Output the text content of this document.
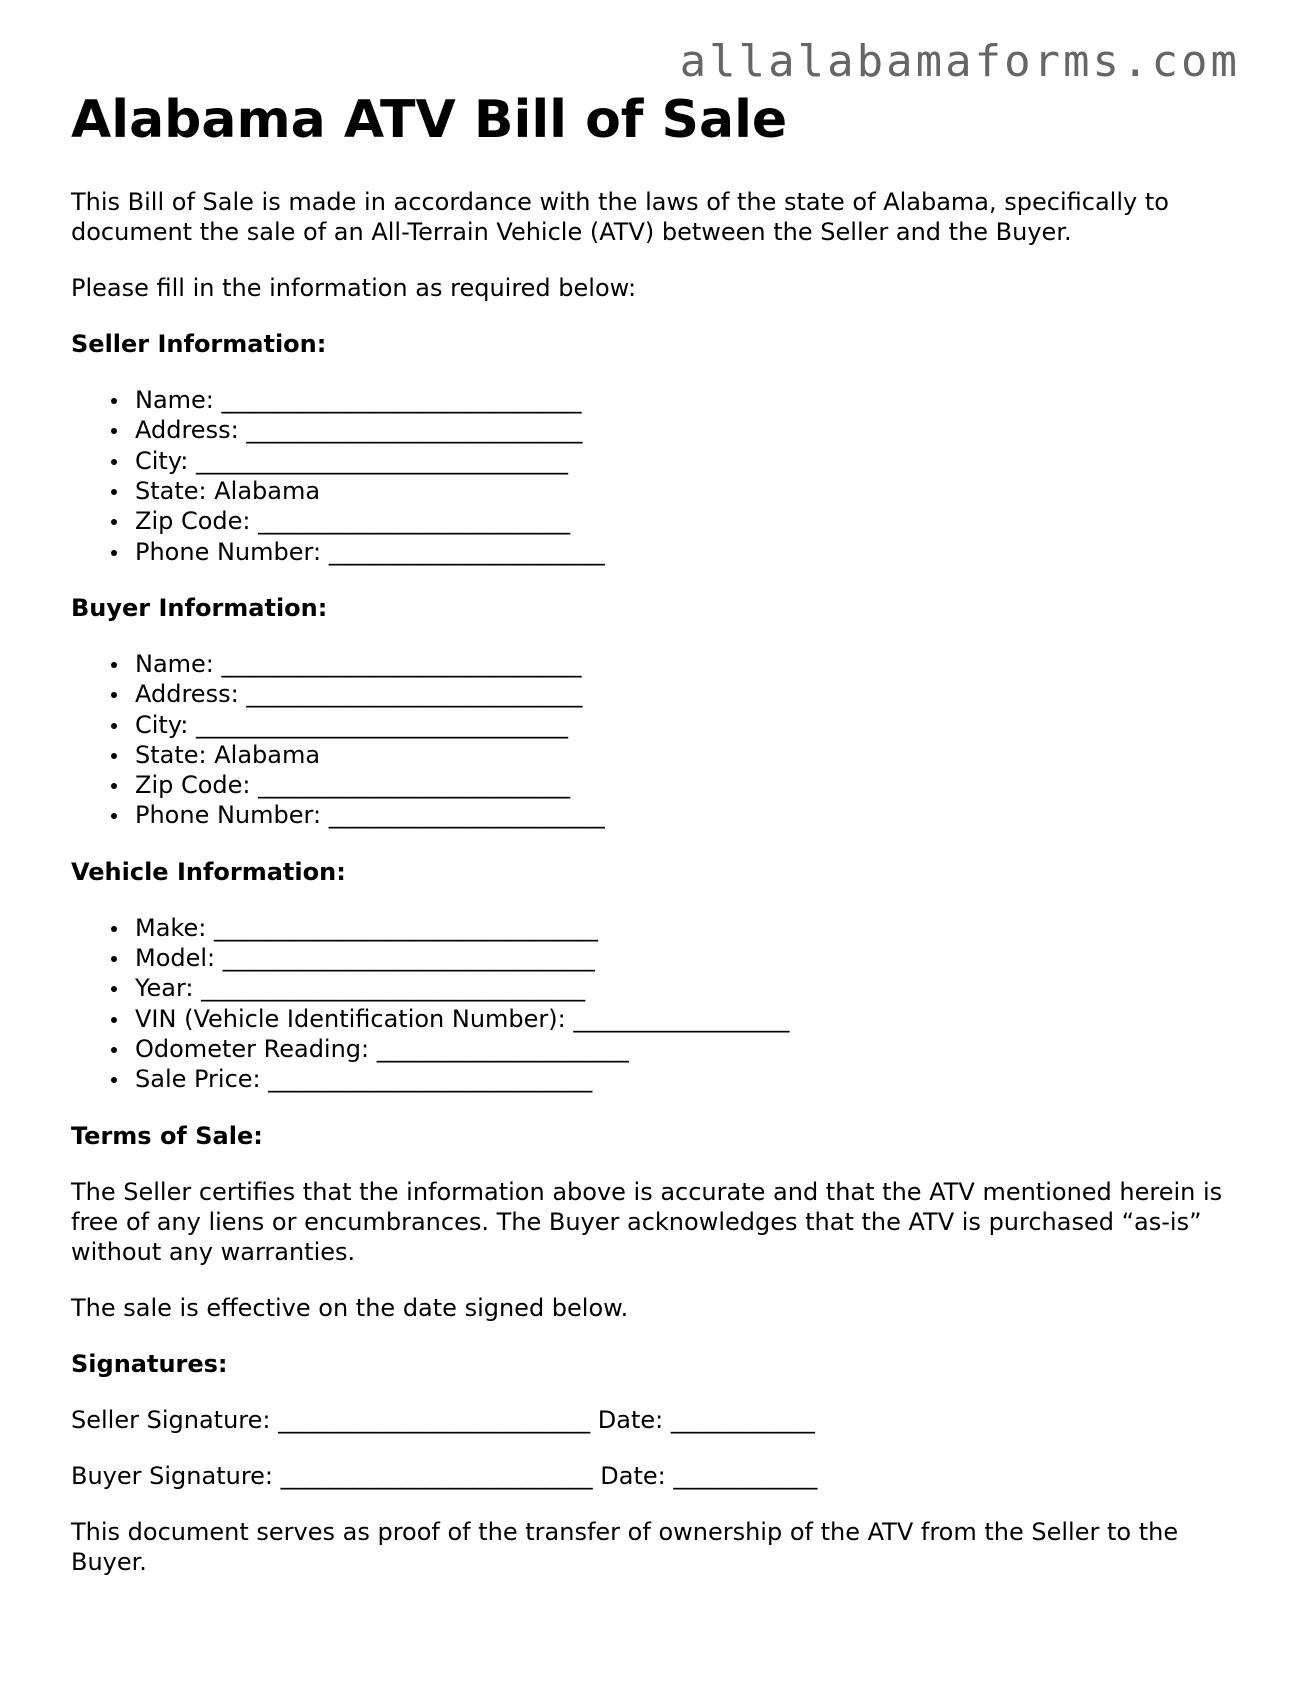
allalabamaforms.com
Alabama ATV Bill of Sale

This Bill of Sale is made in accordance with the laws of the state of Alabama, specifically to document the sale of an All-Terrain Vehicle (ATV) between the Seller and the Buyer.

Please fill in the information as required below:

Seller Information:
Name: ______________________________
Address: ____________________________
City: _______________________________
State: Alabama
Zip Code: __________________________
Phone Number: _______________________
Buyer Information:
Name: ______________________________
Address: ____________________________
City: _______________________________
State: Alabama
Zip Code: __________________________
Phone Number: _______________________
Vehicle Information:
Make: ________________________________
Model: _______________________________
Year: ________________________________
VIN (Vehicle Identification Number): __________________
Odometer Reading: _____________________
Sale Price: ___________________________
Terms of Sale:

The Seller certifies that the information above is accurate and that the ATV mentioned herein is free of any liens or encumbrances. The Buyer acknowledges that the ATV is purchased “as-is” without any warranties.

The sale is effective on the date signed below.

Signatures:
Seller Signature: __________________________ Date: ____________
Buyer Signature: __________________________ Date: ____________

This document serves as proof of the transfer of ownership of the ATV from the Seller to the Buyer.
